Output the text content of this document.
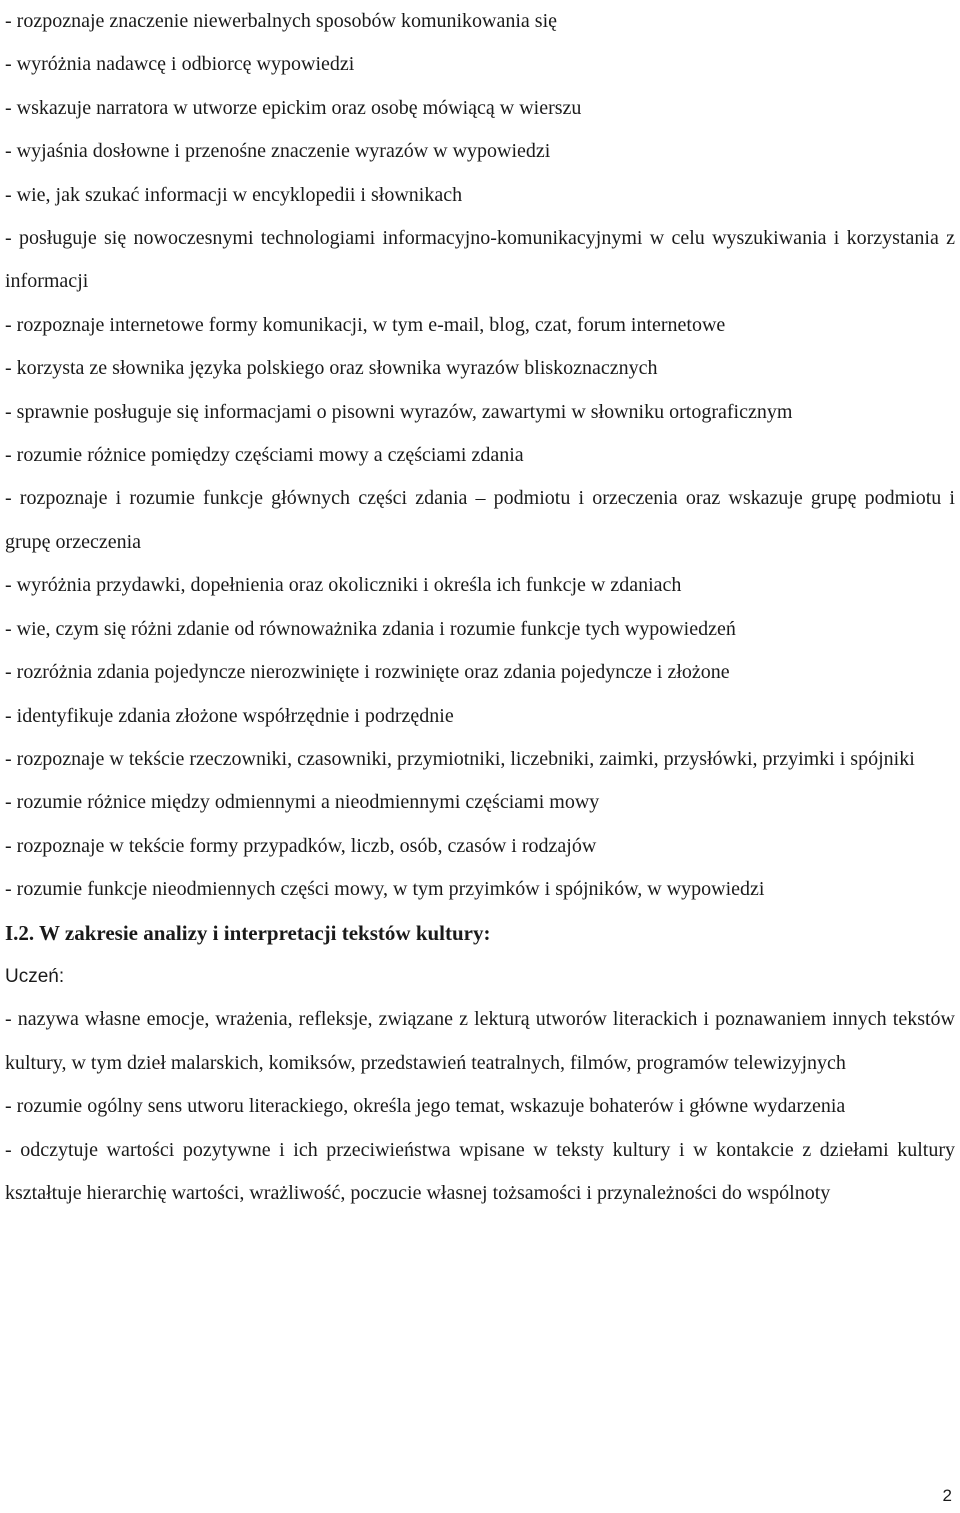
- rozpoznaje znaczenie niewerbalnych sposobów komunikowania się

- wyróżnia nadawcę i odbiorcę wypowiedzi

- wskazuje narratora w utworze epickim oraz osobę mówiącą w wierszu

- wyjaśnia dosłowne i przenośne znaczenie wyrazów w wypowiedzi

- wie, jak szukać informacji w encyklopedii i słownikach

- posługuje się nowoczesnymi technologiami informacyjno-komunikacyjnymi w celu wyszukiwania i korzystania z informacji

- rozpoznaje internetowe formy komunikacji, w tym e-mail, blog, czat, forum internetowe

- korzysta ze słownika języka polskiego oraz słownika wyrazów bliskoznacznych

- sprawnie posługuje się informacjami o pisowni wyrazów, zawartymi w słowniku ortograficznym

- rozumie różnice pomiędzy częściami mowy a częściami zdania

- rozpoznaje i rozumie funkcje głównych części zdania – podmiotu i orzeczenia oraz wskazuje grupę podmiotu i grupę orzeczenia

- wyróżnia przydawki, dopełnienia oraz okoliczniki i określa ich funkcje w zdaniach

- wie, czym się różni zdanie od równoważnika zdania i rozumie funkcje tych wypowiedzeń

- rozróżnia zdania pojedyncze nierozwinięte i rozwinięte oraz zdania pojedyncze i złożone

- identyfikuje zdania złożone współrzędnie i podrzędnie

- rozpoznaje w tekście rzeczowniki, czasowniki, przymiotniki, liczebniki, zaimki, przysłówki, przyimki i spójniki

- rozumie różnice między odmiennymi a nieodmiennymi częściami mowy

- rozpoznaje w tekście formy przypadków, liczb, osób, czasów i rodzajów

- rozumie funkcje nieodmiennych części mowy, w tym przyimków i spójników, w wypowiedzi

I.2. W zakresie analizy i interpretacji tekstów kultury:

Uczeń:

- nazywa własne emocje, wrażenia, refleksje, związane z lekturą utworów literackich i poznawaniem innych tekstów kultury, w tym dzieł malarskich, komiksów, przedstawień teatralnych, filmów, programów telewizyjnych

- rozumie ogólny sens utworu literackiego, określa jego temat, wskazuje bohaterów i główne wydarzenia

- odczytuje wartości pozytywne i ich przeciwieństwa wpisane w teksty kultury i w kontakcie z dziełami kultury kształtuje hierarchię wartości, wrażliwość, poczucie własnej tożsamości i przynależności do wspólnoty

2
